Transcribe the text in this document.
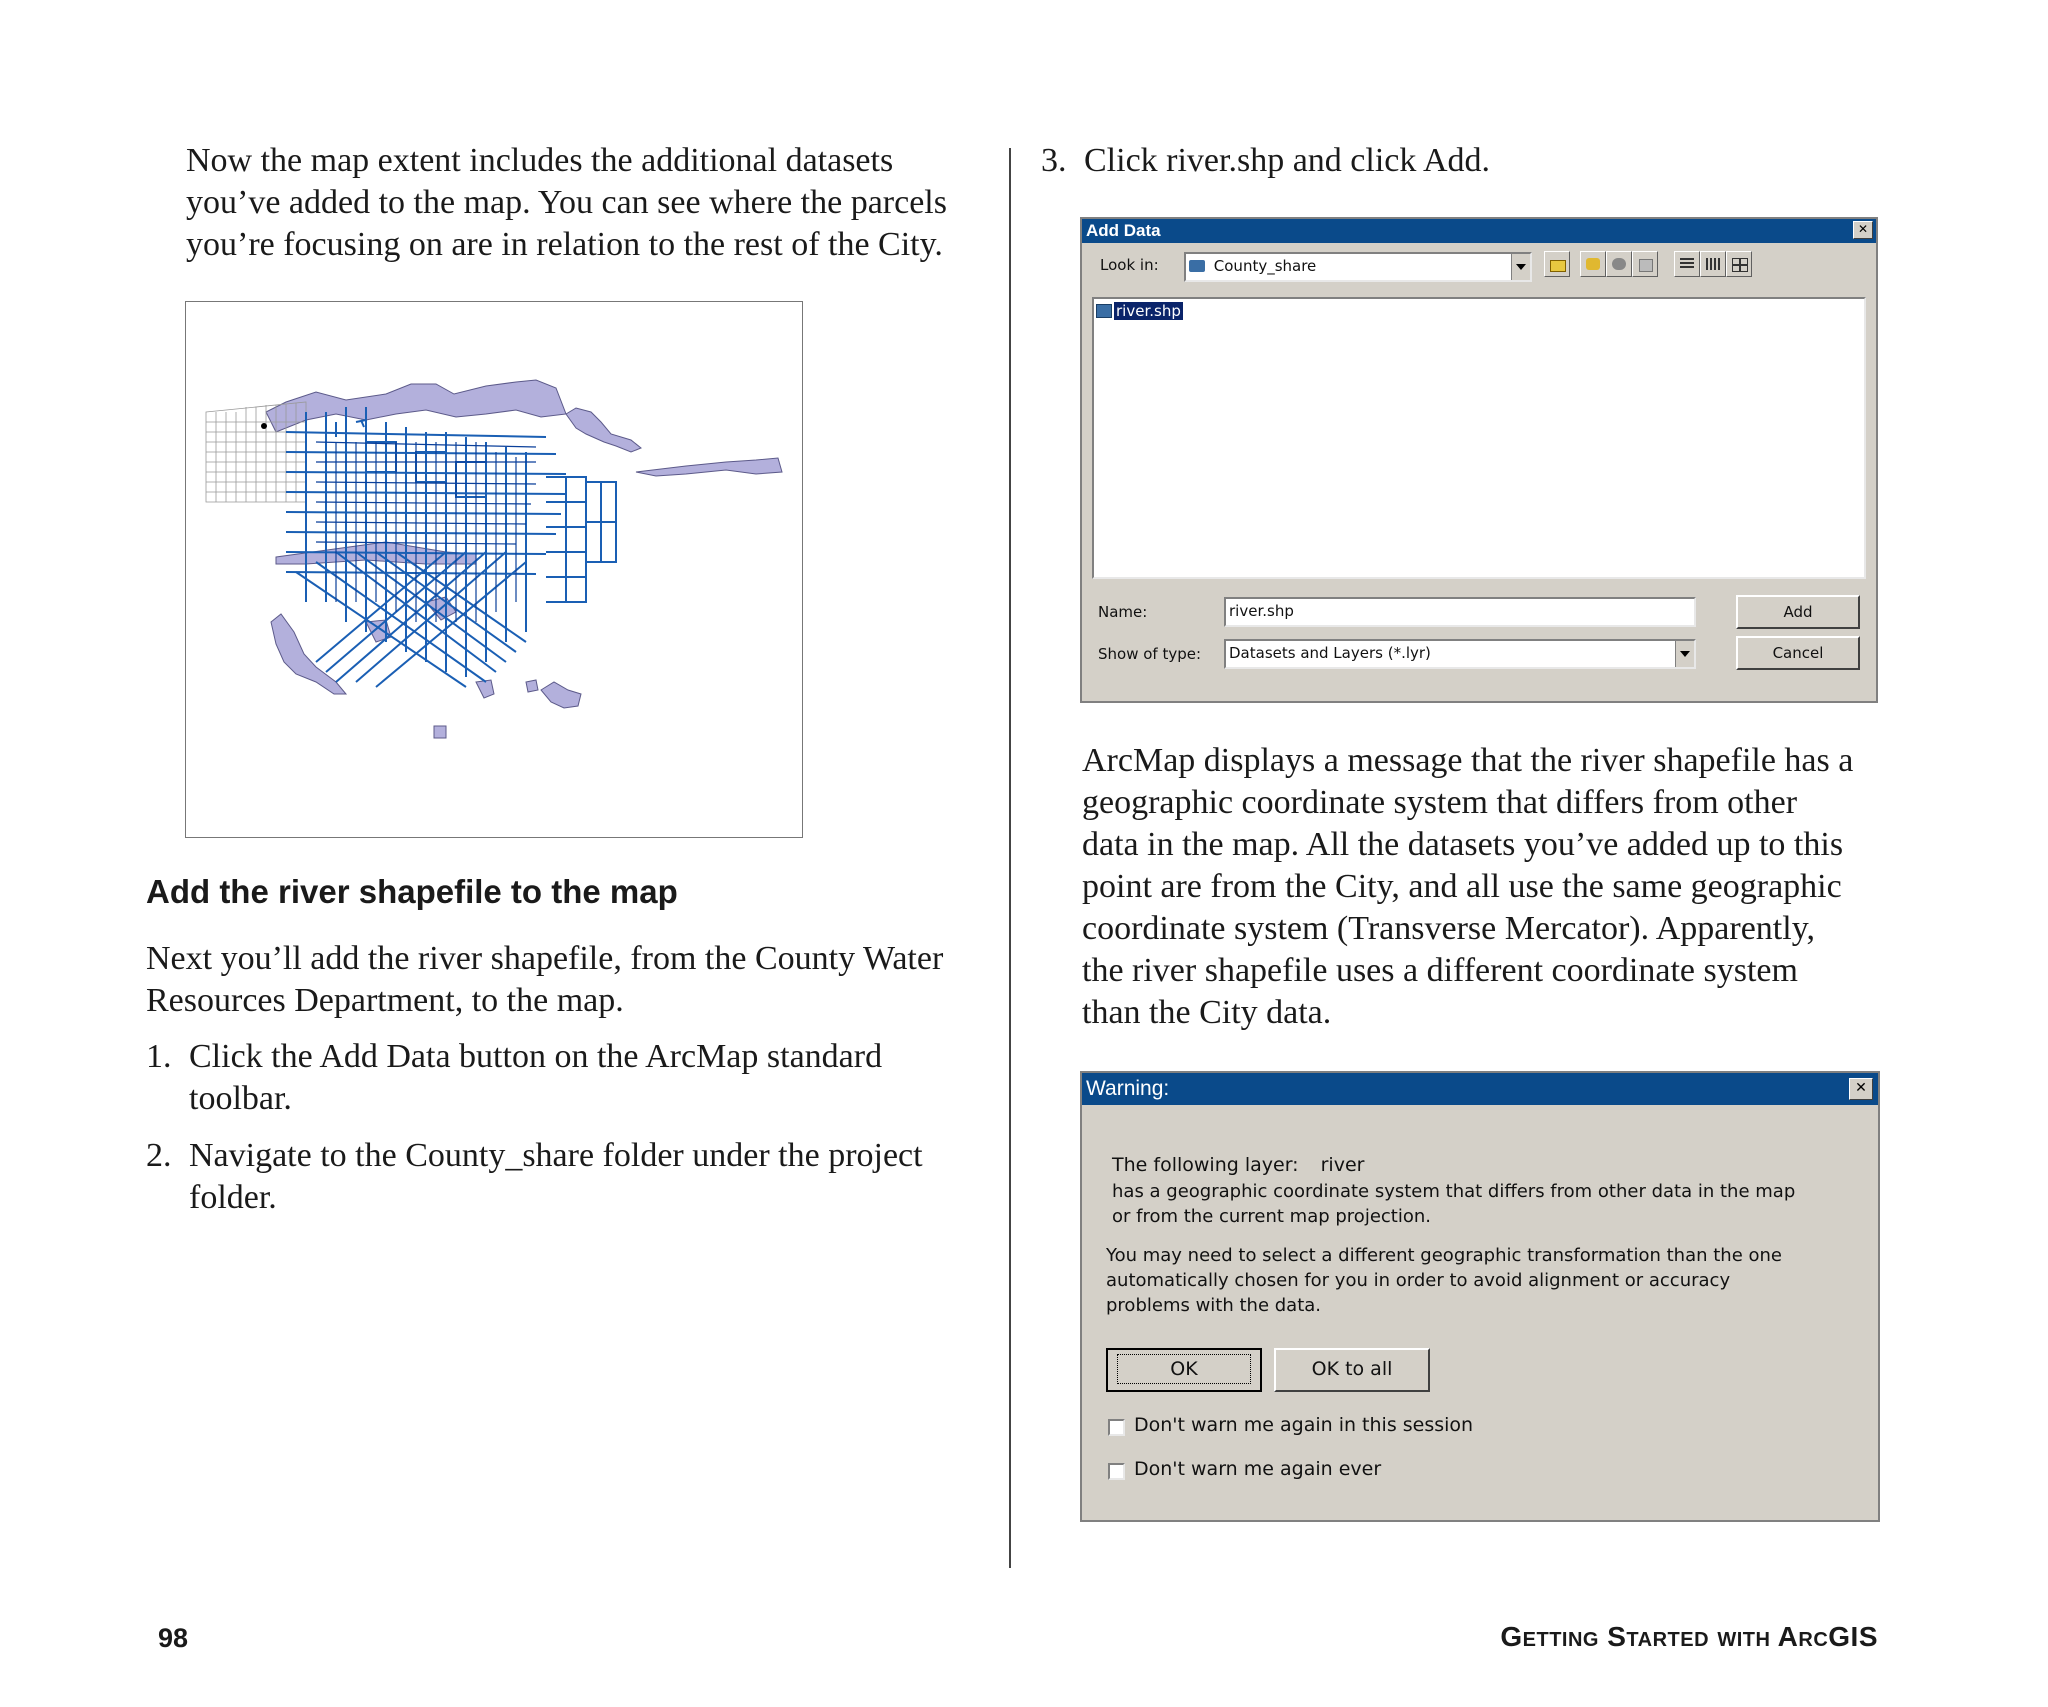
Now the map extent includes the additional datasets
you’ve added to the map. You can see where the parcels
you’re focusing on are in relation to the rest of the City.
Add the river shapefile to the map
Next you’ll add the river shapefile, from the County Water
Resources Department, to the map.
1. Click the Add Data button on the ArcMap standard
toolbar.
2. Navigate to the County_share folder under the project
folder.
3. Click river.shp and click Add.
Add Data	✕
Look in:	County_share
river.shp
Name:	river.shp
Show of type:	Datasets and Layers (*.lyr)
Add
Cancel
ArcMap displays a message that the river shapefile has a
geographic coordinate system that differs from other
data in the map. All the datasets you’ve added up to this
point are from the City, and all use the same geographic
coordinate system (Transverse Mercator). Apparently,
the river shapefile uses a different coordinate system
than the City data.
Warning:	✕
The following layer: river
has a geographic coordinate system that differs from other data in the map
or from the current map projection.
You may need to select a different geographic transformation than the one
automatically chosen for you in order to avoid alignment or accuracy
problems with the data.
OK	OK to all
Don't warn me again in this session
Don't warn me again ever
98	Getting Started with ArcGIS
